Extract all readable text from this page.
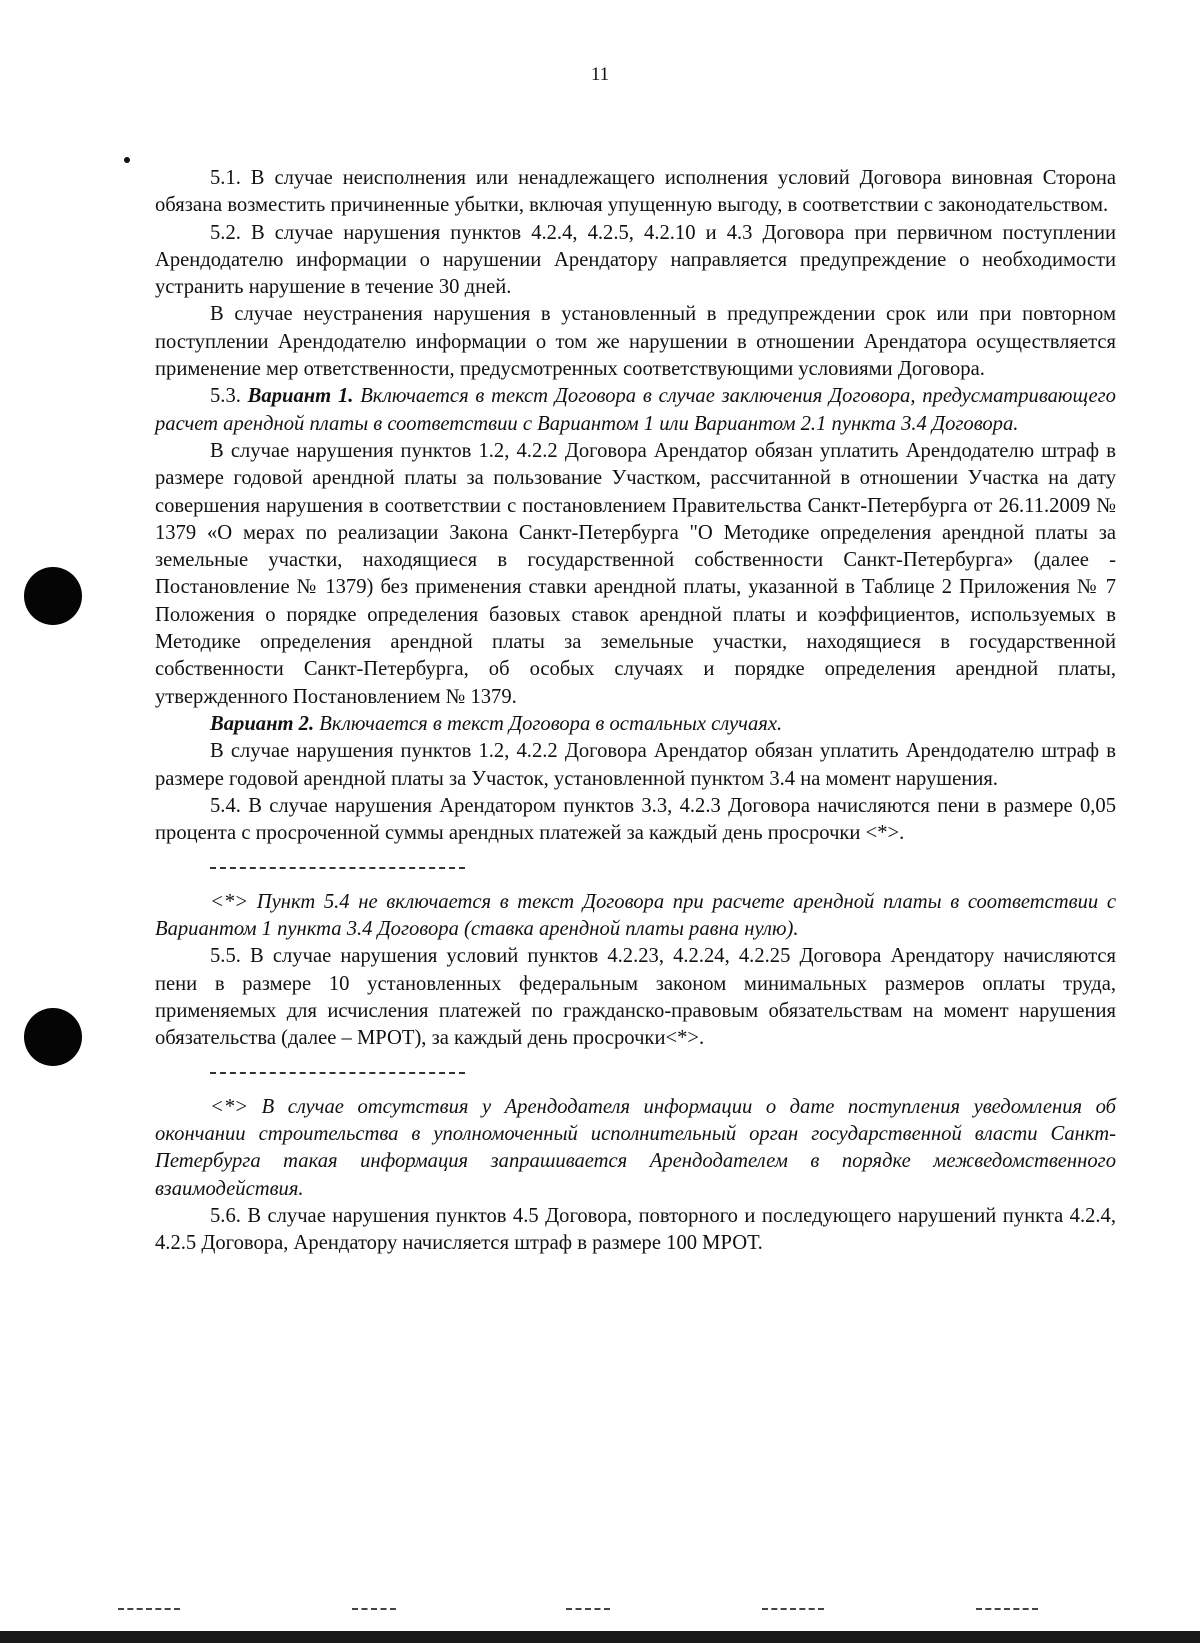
11

5.1. В случае неисполнения или ненадлежащего исполнения условий Договора виновная Сторона обязана возместить причиненные убытки, включая упущенную выгоду, в соответствии с законодательством.

5.2. В случае нарушения пунктов 4.2.4, 4.2.5, 4.2.10 и 4.3 Договора при первичном поступлении Арендодателю информации о нарушении Арендатору направляется предупреждение о необходимости устранить нарушение в течение 30 дней.

В случае неустранения нарушения в установленный в предупреждении срок или при повторном поступлении Арендодателю информации о том же нарушении в отношении Арендатора осуществляется применение мер ответственности, предусмотренных соответствующими условиями Договора.

5.3. Вариант 1. Включается в текст Договора в случае заключения Договора, предусматривающего расчет арендной платы в соответствии с Вариантом 1 или Вариантом 2.1 пункта 3.4 Договора.

В случае нарушения пунктов 1.2, 4.2.2 Договора Арендатор обязан уплатить Арендодателю штраф в размере годовой арендной платы за пользование Участком, рассчитанной в отношении Участка на дату совершения нарушения в соответствии с постановлением Правительства Санкт-Петербурга от 26.11.2009 № 1379 «О мерах по реализации Закона Санкт-Петербурга "О Методике определения арендной платы за земельные участки, находящиеся в государственной собственности Санкт-Петербурга» (далее - Постановление № 1379) без применения ставки арендной платы, указанной в Таблице 2 Приложения № 7 Положения о порядке определения базовых ставок арендной платы и коэффициентов, используемых в Методике определения арендной платы за земельные участки, находящиеся в государственной собственности Санкт-Петербурга, об особых случаях и порядке определения арендной платы, утвержденного Постановлением № 1379.

Вариант 2. Включается в текст Договора в остальных случаях.

В случае нарушения пунктов 1.2, 4.2.2 Договора Арендатор обязан уплатить Арендодателю штраф в размере годовой арендной платы за Участок, установленной пунктом 3.4 на момент нарушения.

5.4. В случае нарушения Арендатором пунктов 3.3, 4.2.3 Договора начисляются пени в размере 0,05 процента с просроченной суммы арендных платежей за каждый день просрочки <*>.

<*> Пункт 5.4 не включается в текст Договора при расчете арендной платы в соответствии с Вариантом 1 пункта 3.4 Договора (ставка арендной платы равна нулю).

5.5. В случае нарушения условий пунктов 4.2.23, 4.2.24, 4.2.25 Договора Арендатору начисляются пени в размере 10 установленных федеральным законом минимальных размеров оплаты труда, применяемых для исчисления платежей по гражданско-правовым обязательствам на момент нарушения обязательства (далее – МРОТ), за каждый день просрочки<*>.

<*> В случае отсутствия у Арендодателя информации о дате поступления уведомления об окончании строительства в уполномоченный исполнительный орган государственной власти Санкт-Петербурга такая информация запрашивается Арендодателем в порядке межведомственного взаимодействия.

5.6. В случае нарушения пунктов 4.5 Договора, повторного и последующего нарушений пункта 4.2.4, 4.2.5 Договора, Арендатору начисляется штраф в размере 100 МРОТ.
